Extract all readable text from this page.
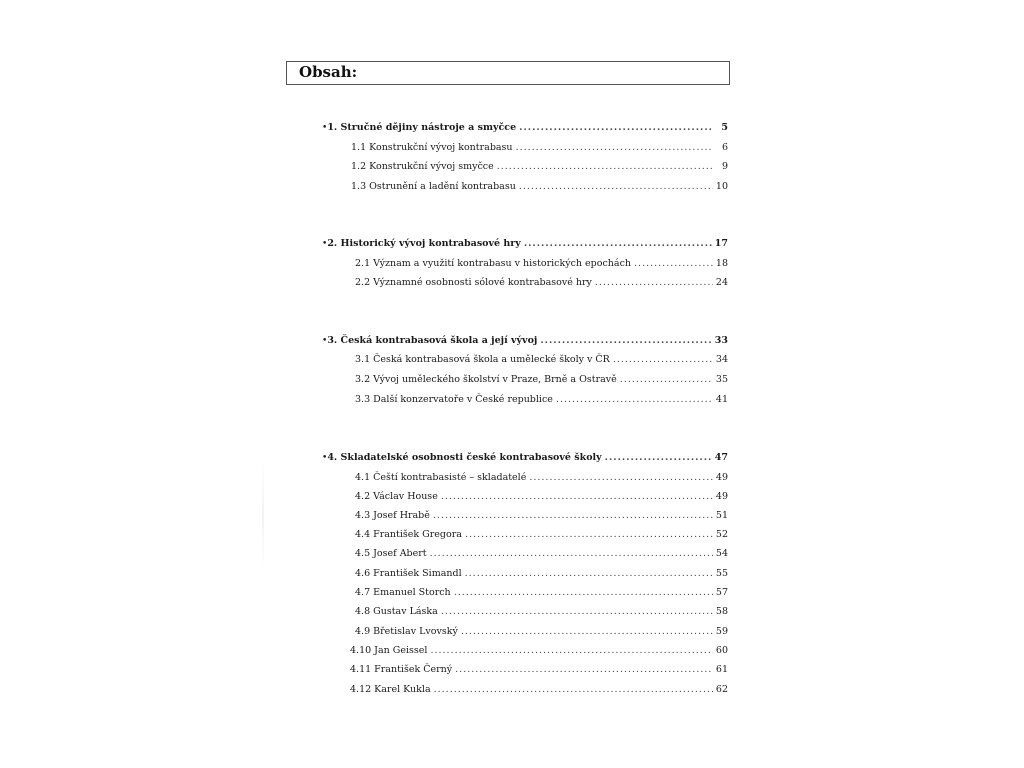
Obsah:
• 1. Stručné dějiny nástroje a smyčce .....	5
1.1 Konstrukční vývoj kontrabasu .....	6
1.2 Konstrukční vývoj smyčce .....	9
1.3 Ostrunění a ladění kontrabasu .....	10
• 2. Historický vývoj kontrabasové hry .....	17
2.1 Význam a využití kontrabasu v historických epochách .....	18
2.2 Významné osobnosti sólové kontrabasové hry .....	24
• 3. Česká kontrabasová škola a její vývoj .....	33
3.1 Česká kontrabasová škola a umělecké školy v ČR .....	34
3.2 Vývoj uměleckého školství v Praze, Brně a Ostravě .....	35
3.3 Další konzervatoře v České republice .....	41
• 4. Skladatelské osobnosti české kontrabasové školy .....	47
4.1 Čeští kontrabasisté – skladatelé .....	49
4.2 Václav House .....	49
4.3 Josef Hrabě .....	51
4.4 František Gregora .....	52
4.5 Josef Abert .....	54
4.6 František Simandl .....	55
4.7 Emanuel Storch .....	57
4.8 Gustav Láska .....	58
4.9 Břetislav Lvovský .....	59
4.10 Jan Geissel .....	60
4.11 František Černý .....	61
4.12 Karel Kukla .....	62
